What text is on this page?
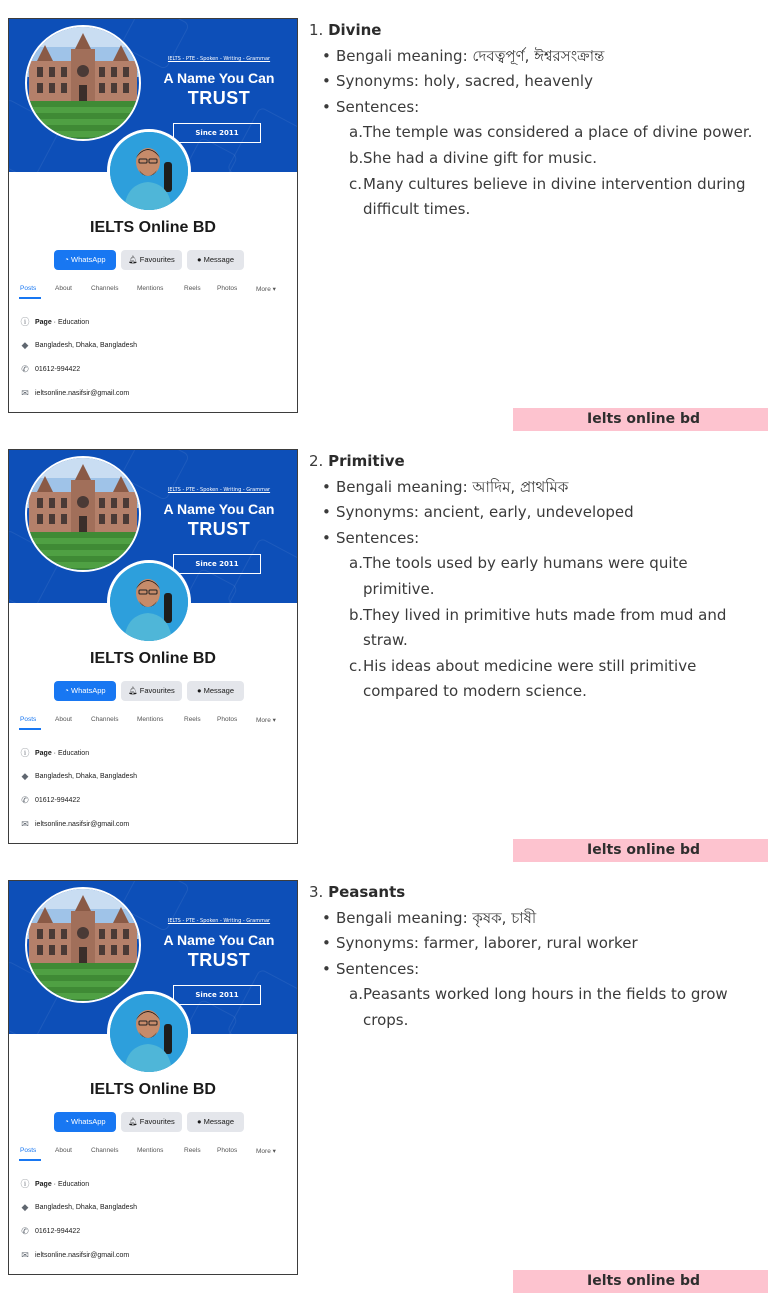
IELTS - PTE - Spoken - Writing - Grammar
A Name You Can
TRUST
Since 2011
IELTS Online BD
◔ WhatsApp	🔔︎ Favourites	● Message
Posts	About	Channels	Mentions	Reels	Photos	More ▾
ⓘ Page · Education
◆ Bangladesh, Dhaka, Bangladesh
✆ 01612-994422
✉ ieltsonline.nasifsir@gmail.com
1. Divine
• Bengali meaning: দেবত্বপূর্ণ, ঈশ্বরসংক্রান্ত
• Synonyms: holy, sacred, heavenly
• Sentences:
a. The temple was considered a place of divine power.
b. She had a divine gift for music.
c. Many cultures believe in divine intervention during difficult times.
Ielts online bd
IELTS - PTE - Spoken - Writing - Grammar
A Name You Can
TRUST
Since 2011
IELTS Online BD
◔ WhatsApp	🔔︎ Favourites	● Message
Posts	About	Channels	Mentions	Reels	Photos	More ▾
ⓘ Page · Education
◆ Bangladesh, Dhaka, Bangladesh
✆ 01612-994422
✉ ieltsonline.nasifsir@gmail.com
2. Primitive
• Bengali meaning: আদিম, প্রাথমিক
• Synonyms: ancient, early, undeveloped
• Sentences:
a. The tools used by early humans were quite primitive.
b. They lived in primitive huts made from mud and straw.
c. His ideas about medicine were still primitive compared to modern science.
Ielts online bd
IELTS - PTE - Spoken - Writing - Grammar
A Name You Can
TRUST
Since 2011
IELTS Online BD
◔ WhatsApp	🔔︎ Favourites	● Message
Posts	About	Channels	Mentions	Reels	Photos	More ▾
ⓘ Page · Education
◆ Bangladesh, Dhaka, Bangladesh
✆ 01612-994422
✉ ieltsonline.nasifsir@gmail.com
3. Peasants
• Bengali meaning: কৃষক, চাষী
• Synonyms: farmer, laborer, rural worker
• Sentences:
a. Peasants worked long hours in the fields to grow crops.
Ielts online bd
